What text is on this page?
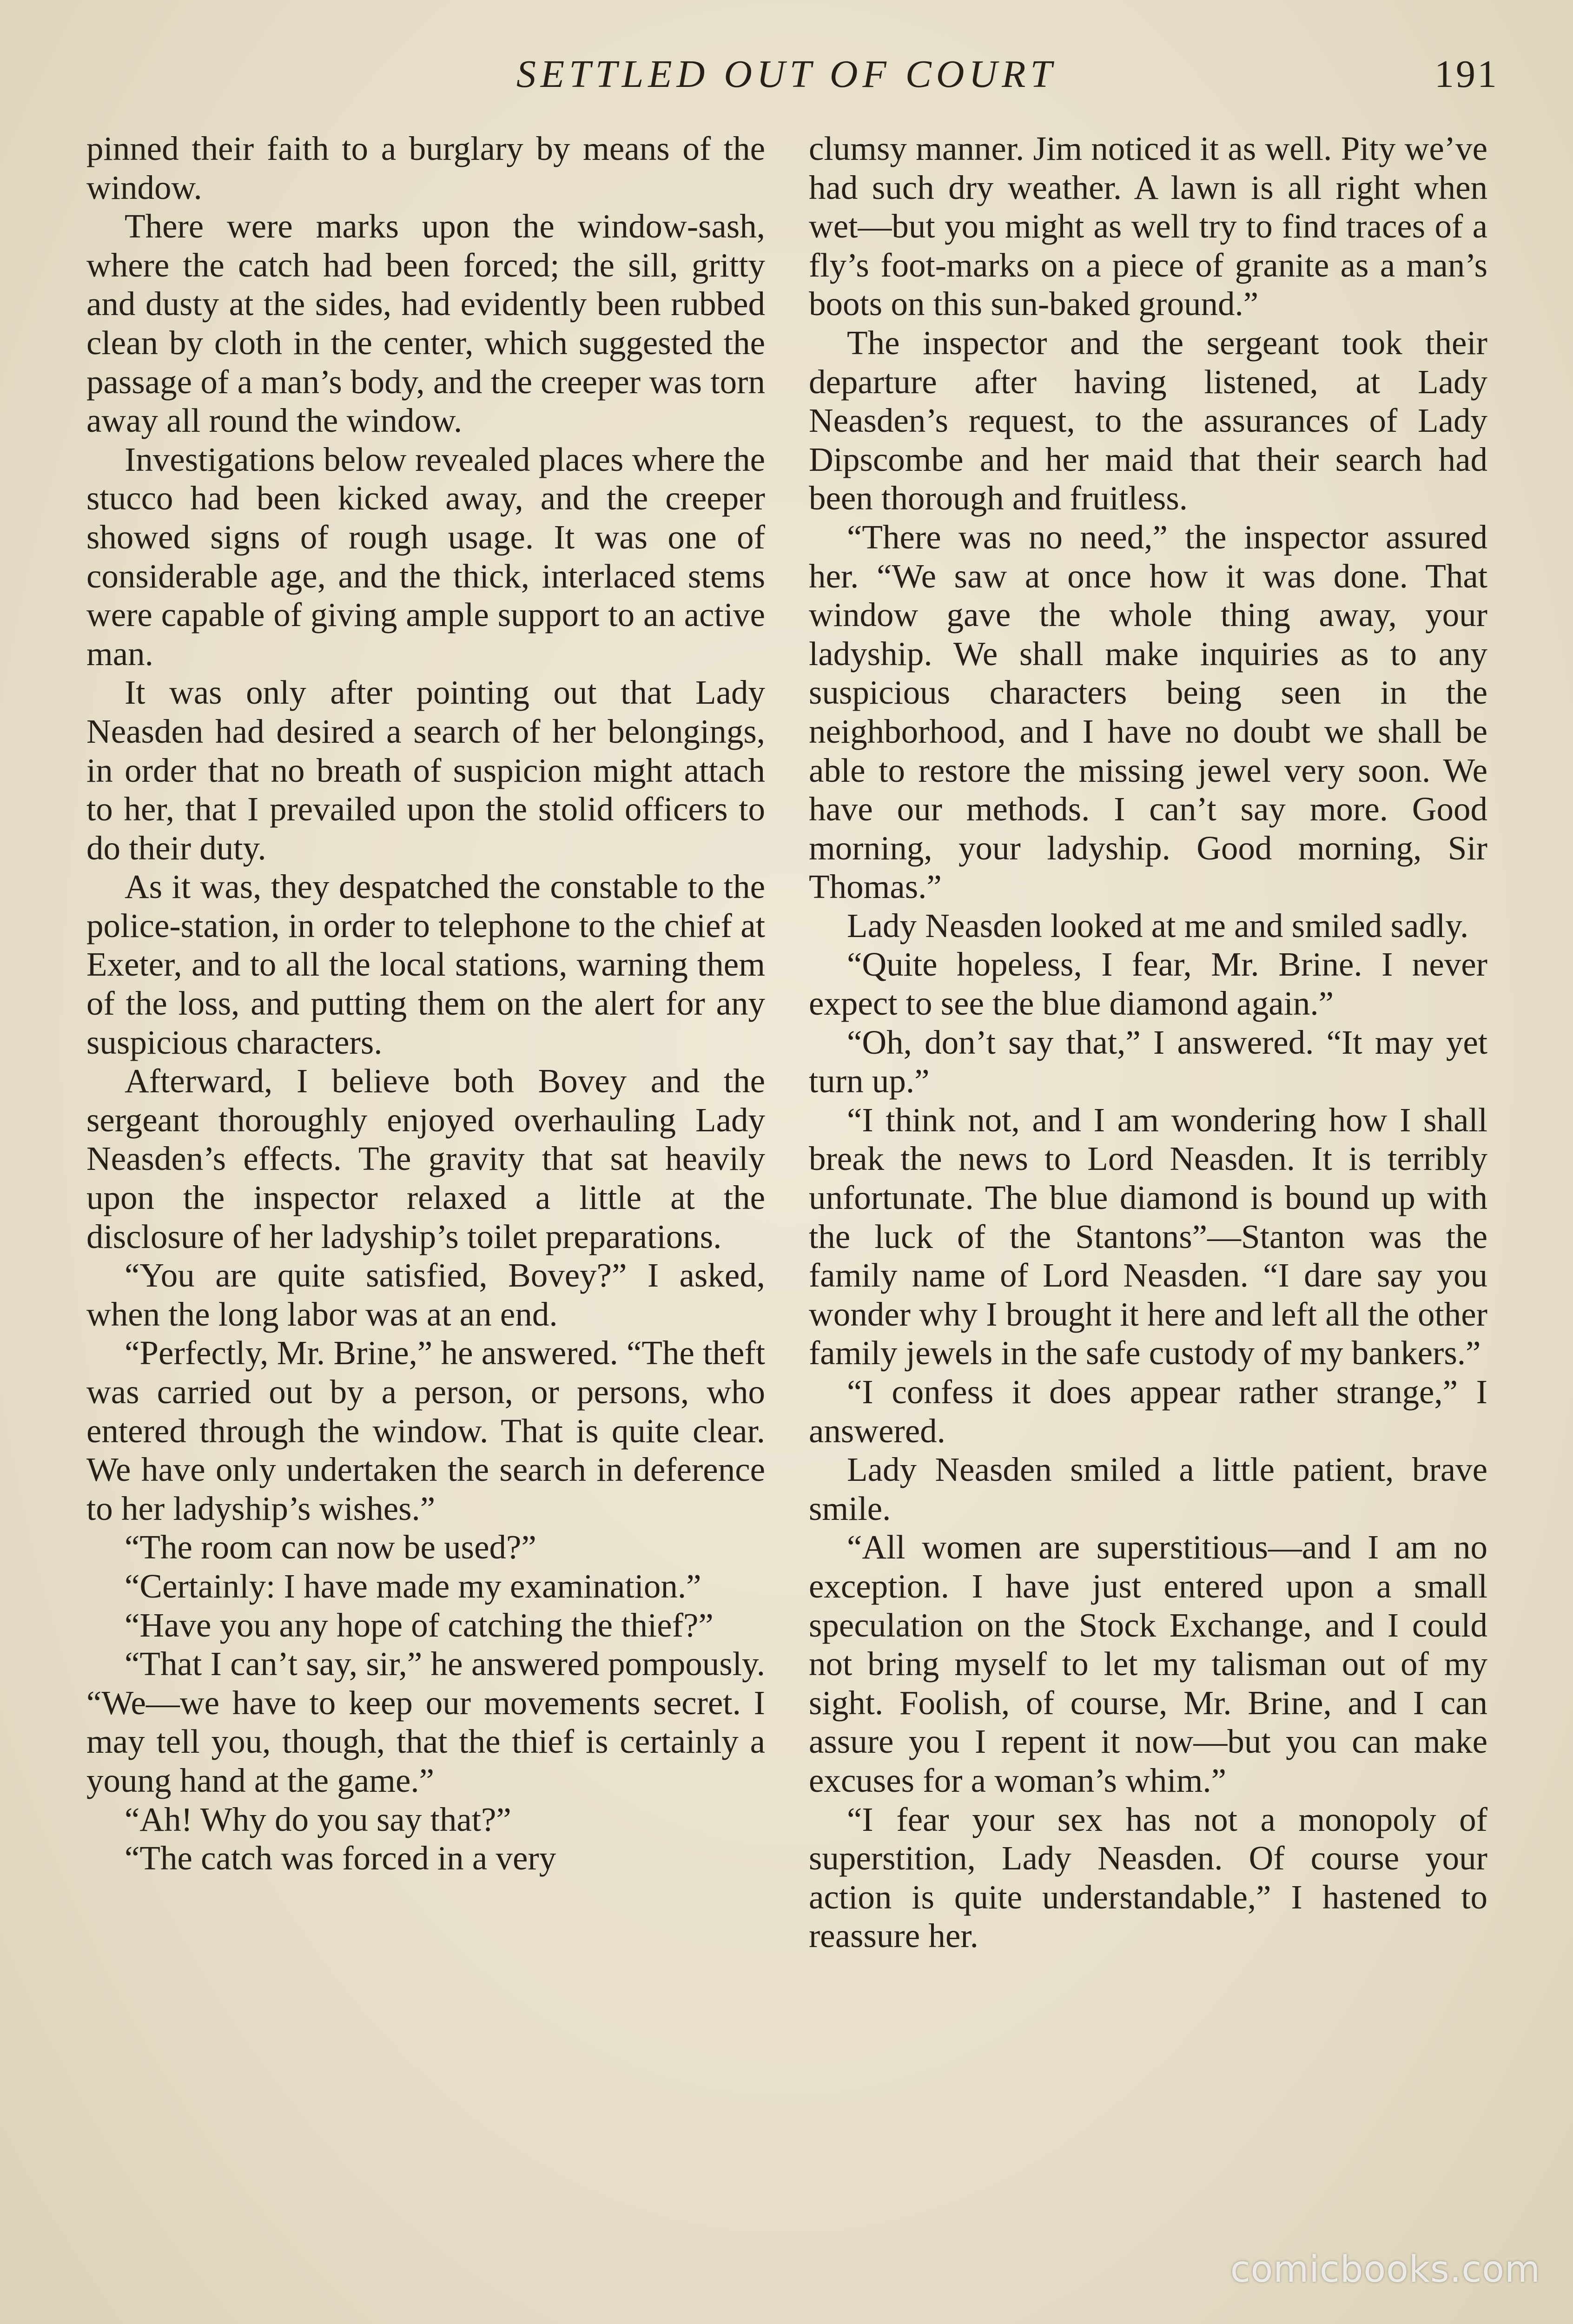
SETTLED OUT OF COURT	191

pinned their faith to a burglary by means of the window.

There were marks upon the window-sash, where the catch had been forced; the sill, gritty and dusty at the sides, had evidently been rubbed clean by cloth in the center, which suggested the passage of a man’s body, and the creeper was torn away all round the window.

Investigations below revealed places where the stucco had been kicked away, and the creeper showed signs of rough usage. It was one of considerable age, and the thick, interlaced stems were capable of giving ample support to an active man.

It was only after pointing out that Lady Neasden had desired a search of her belongings, in order that no breath of suspicion might attach to her, that I prevailed upon the stolid officers to do their duty.

As it was, they despatched the constable to the police-station, in order to telephone to the chief at Exeter, and to all the local stations, warning them of the loss, and putting them on the alert for any suspicious characters.

Afterward, I believe both Bovey and the sergeant thoroughly enjoyed overhauling Lady Neasden’s effects. The gravity that sat heavily upon the inspector relaxed a little at the disclosure of her ladyship’s toilet preparations.

“You are quite satisfied, Bovey?” I asked, when the long labor was at an end.

“Perfectly, Mr. Brine,” he answered. “The theft was carried out by a person, or persons, who entered through the window. That is quite clear. We have only undertaken the search in deference to her ladyship’s wishes.”

“The room can now be used?”

“Certainly: I have made my examination.”

“Have you any hope of catching the thief?”

“That I can’t say, sir,” he answered pompously. “We—we have to keep our movements secret. I may tell you, though, that the thief is certainly a young hand at the game.”

“Ah! Why do you say that?”

“The catch was forced in a very

clumsy manner. Jim noticed it as well. Pity we’ve had such dry weather. A lawn is all right when wet—but you might as well try to find traces of a fly’s foot-marks on a piece of granite as a man’s boots on this sun-baked ground.”

The inspector and the sergeant took their departure after having listened, at Lady Neasden’s request, to the assurances of Lady Dipscombe and her maid that their search had been thorough and fruitless.

“There was no need,” the inspector assured her. “We saw at once how it was done. That window gave the whole thing away, your ladyship. We shall make inquiries as to any suspicious characters being seen in the neighborhood, and I have no doubt we shall be able to restore the missing jewel very soon. We have our methods. I can’t say more. Good morning, your ladyship. Good morning, Sir Thomas.”

Lady Neasden looked at me and smiled sadly.

“Quite hopeless, I fear, Mr. Brine. I never expect to see the blue diamond again.”

“Oh, don’t say that,” I answered. “It may yet turn up.”

“I think not, and I am wondering how I shall break the news to Lord Neasden. It is terribly unfortunate. The blue diamond is bound up with the luck of the Stantons”—Stanton was the family name of Lord Neasden. “I dare say you wonder why I brought it here and left all the other family jewels in the safe custody of my bankers.”

“I confess it does appear rather strange,” I answered.

Lady Neasden smiled a little patient, brave smile.

“All women are superstitious—and I am no exception. I have just entered upon a small speculation on the Stock Exchange, and I could not bring myself to let my talisman out of my sight. Foolish, of course, Mr. Brine, and I can assure you I repent it now—but you can make excuses for a woman’s whim.”

“I fear your sex has not a monopoly of superstition, Lady Neasden. Of course your action is quite understandable,” I hastened to reassure her.

comicbooks.com
